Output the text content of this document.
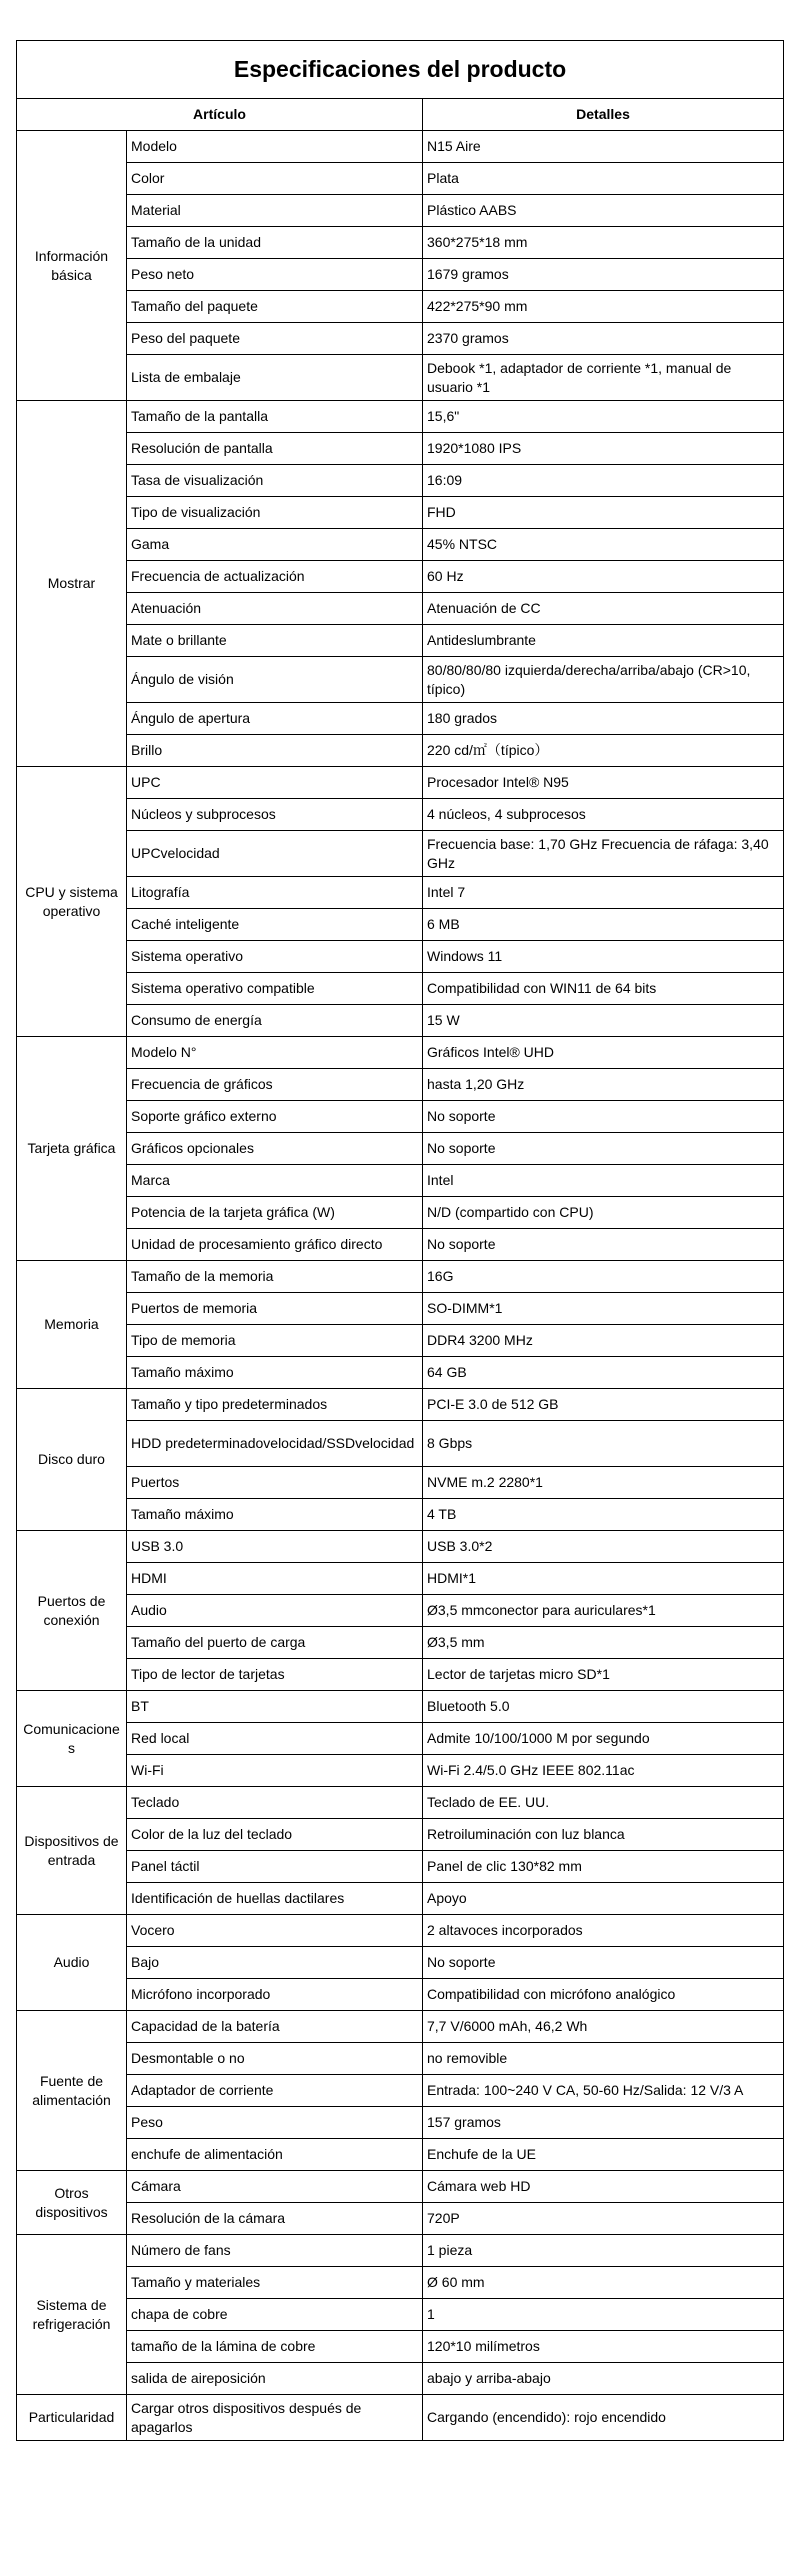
Especificaciones del producto		
Artículo		Detalles
Información básica	Modelo	N15 Aire
	Color	Plata
	Material	Plástico AABS
	Tamaño de la unidad	360*275*18 mm
	Peso neto	1679 gramos
	Tamaño del paquete	422*275*90 mm
	Peso del paquete	2370 gramos
	Lista de embalaje	Debook *1, adaptador de corriente *1, manual de usuario *1
Mostrar	Tamaño de la pantalla	15,6"
	Resolución de pantalla	1920*1080 IPS
	Tasa de visualización	16:09
	Tipo de visualización	FHD
	Gama	45% NTSC
	Frecuencia de actualización	60 Hz
	Atenuación	Atenuación de CC
	Mate o brillante	Antideslumbrante
	Ángulo de visión	80/80/80/80 izquierda/derecha/arriba/abajo (CR>10, típico)
	Ángulo de apertura	180 grados
	Brillo	220 cd/㎡（típico）
CPU y sistema operativo	UPC	Procesador Intel® N95
	Núcleos y subprocesos	4 núcleos, 4 subprocesos
	UPCvelocidad	Frecuencia base: 1,70 GHz Frecuencia de ráfaga: 3,40 GHz
	Litografía	Intel 7
	Caché inteligente	6 MB
	Sistema operativo	Windows 11
	Sistema operativo compatible	Compatibilidad con WIN11 de 64 bits
	Consumo de energía	15 W
Tarjeta gráfica	Modelo N°	Gráficos Intel® UHD
	Frecuencia de gráficos	hasta 1,20 GHz
	Soporte gráfico externo	No soporte
	Gráficos opcionales	No soporte
	Marca	Intel
	Potencia de la tarjeta gráfica (W)	N/D (compartido con CPU)
	Unidad de procesamiento gráfico directo	No soporte
Memoria	Tamaño de la memoria	16G
	Puertos de memoria	SO-DIMM*1
	Tipo de memoria	DDR4 3200 MHz
	Tamaño máximo	64 GB
Disco duro	Tamaño y tipo predeterminados	PCI-E 3.0 de 512 GB
	HDD predeterminadovelocidad/SSDvelocidad	8 Gbps
	Puertos	NVME m.2 2280*1
	Tamaño máximo	4 TB
Puertos de conexión	USB 3.0	USB 3.0*2
	HDMI	HDMI*1
	Audio	Ø3,5 mmconector para auriculares*1
	Tamaño del puerto de carga	Ø3,5 mm
	Tipo de lector de tarjetas	Lector de tarjetas micro SD*1
Comunicacione s	BT	Bluetooth 5.0
	Red local	Admite 10/100/1000 M por segundo
	Wi-Fi	Wi-Fi 2.4/5.0 GHz IEEE 802.11ac
Dispositivos de entrada	Teclado	Teclado de EE. UU.
	Color de la luz del teclado	Retroiluminación con luz blanca
	Panel táctil	Panel de clic 130*82 mm
	Identificación de huellas dactilares	Apoyo
Audio	Vocero	2 altavoces incorporados
	Bajo	No soporte
	Micrófono incorporado	Compatibilidad con micrófono analógico
Fuente de alimentación	Capacidad de la batería	7,7 V/6000 mAh, 46,2 Wh
	Desmontable o no	no removible
	Adaptador de corriente	Entrada: 100~240 V CA, 50-60 Hz/Salida: 12 V/3 A
	Peso	157 gramos
	enchufe de alimentación	Enchufe de la UE
Otros dispositivos	Cámara	Cámara web HD
	Resolución de la cámara	720P
Sistema de refrigeración	Número de fans	1 pieza
	Tamaño y materiales	Ø 60 mm
	chapa de cobre	1
	tamaño de la lámina de cobre	120*10 milímetros
	salida de aireposición	abajo y arriba-abajo
Particularidad	Cargar otros dispositivos después de apagarlos	Cargando (encendido): rojo encendido
